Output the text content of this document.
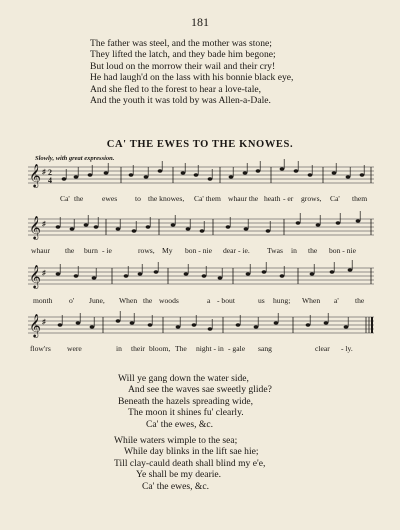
181
The father was steel, and the mother was stone;
They lifted the latch, and they bade him begone;
But loud on the morrow their wail and their cry!
He had laugh'd on the lass with his bonnie black eye,
And she fled to the forest to hear a love-tale,
And the youth it was told by was Allen-a-Dale.
CA' THE EWES TO THE KNOWES.
Slowly, with great expression.
𝄞 ♯ 2
4
Ca' the ewes to the knowes, Ca' them whaur the heath - er grows, Ca' them
𝄞 ♯
whaur the burn - ie	rows, My bon - nie dear - ie. Twas in the bon - nie
𝄞 ♯
month o' June, When the woods	a - bout	us hung; When a' the
𝄞 ♯
flow'rs were	in their bloom, The night - in - gale sang	clear - ly.
Will ye gang down the water side,
And see the waves sae sweetly glide?
Beneath the hazels spreading wide,
The moon it shines fu' clearly.
Ca' the ewes, &c.
While waters wimple to the sea;
While day blinks in the lift sae hie;
Till clay-cauld death shall blind my e'e,
Ye shall be my dearie.
Ca' the ewes, &c.
